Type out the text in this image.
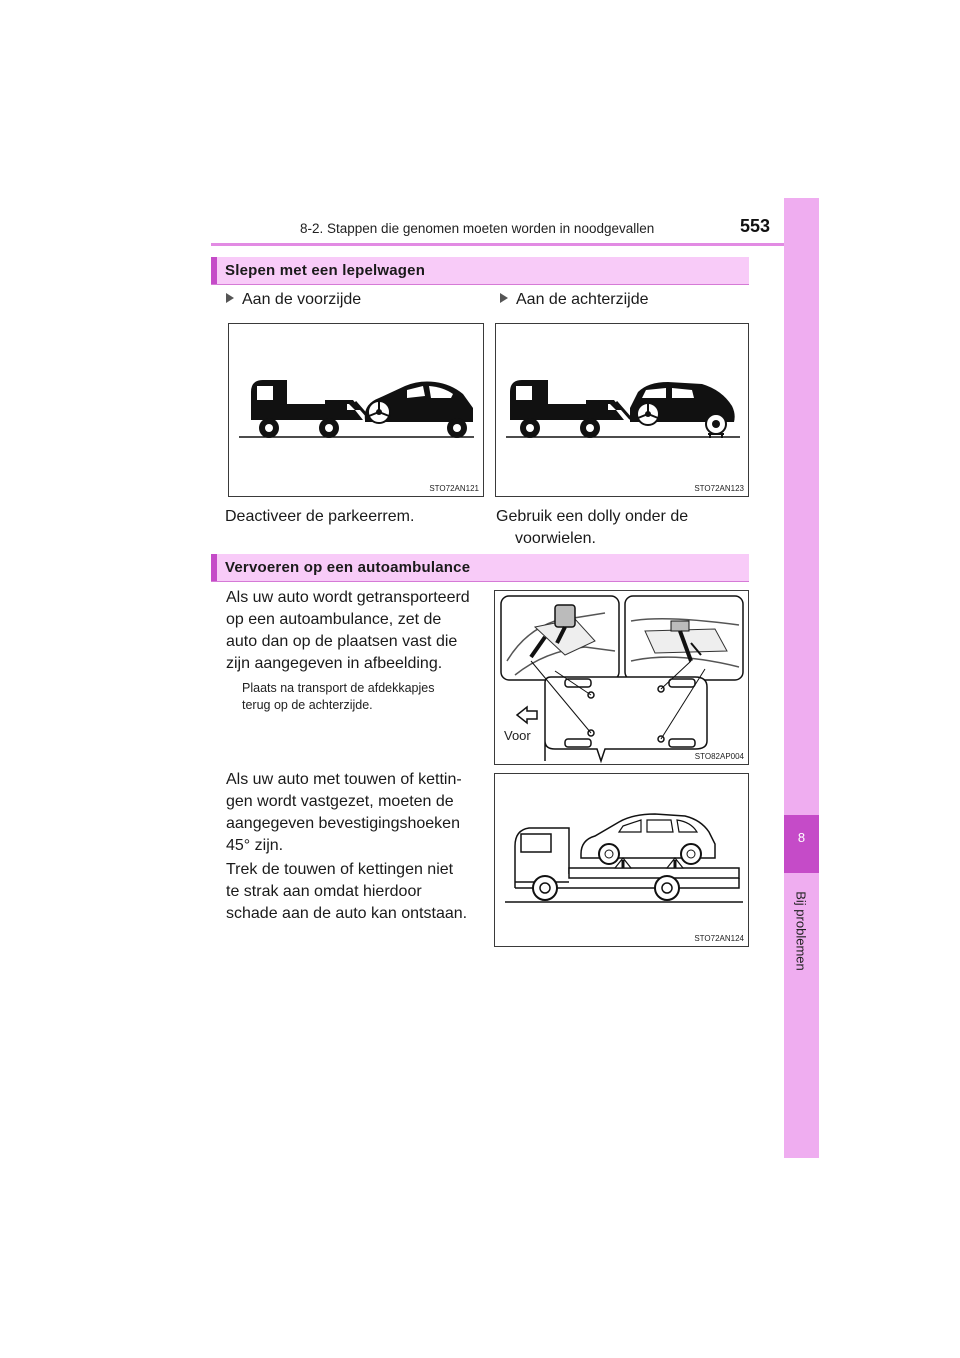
8-2. Stappen die genomen moeten worden in noodgevallen	553
8
Bij problemen
Slepen met een lepelwagen
Aan de voorzijde	Aan de achterzijde
STO72AN121	STO72AN123
Deactiveer de parkeerrem.	Gebruik een dolly onder de
voorwielen.
Vervoeren op een autoambulance
Als uw auto wordt getransporteerd
op een autoambulance, zet de
auto dan op de plaatsen vast die
zijn aangegeven in afbeelding.
Plaats na transport de afdekkapjes
terug op de achterzijde.
Voor
STO82AP004
Als uw auto met touwen of kettin-
gen wordt vastgezet, moeten de
aangegeven bevestigingshoeken
45° zijn.
Trek de touwen of kettingen niet
te strak aan omdat hierdoor
schade aan de auto kan ontstaan.
STO72AN124
